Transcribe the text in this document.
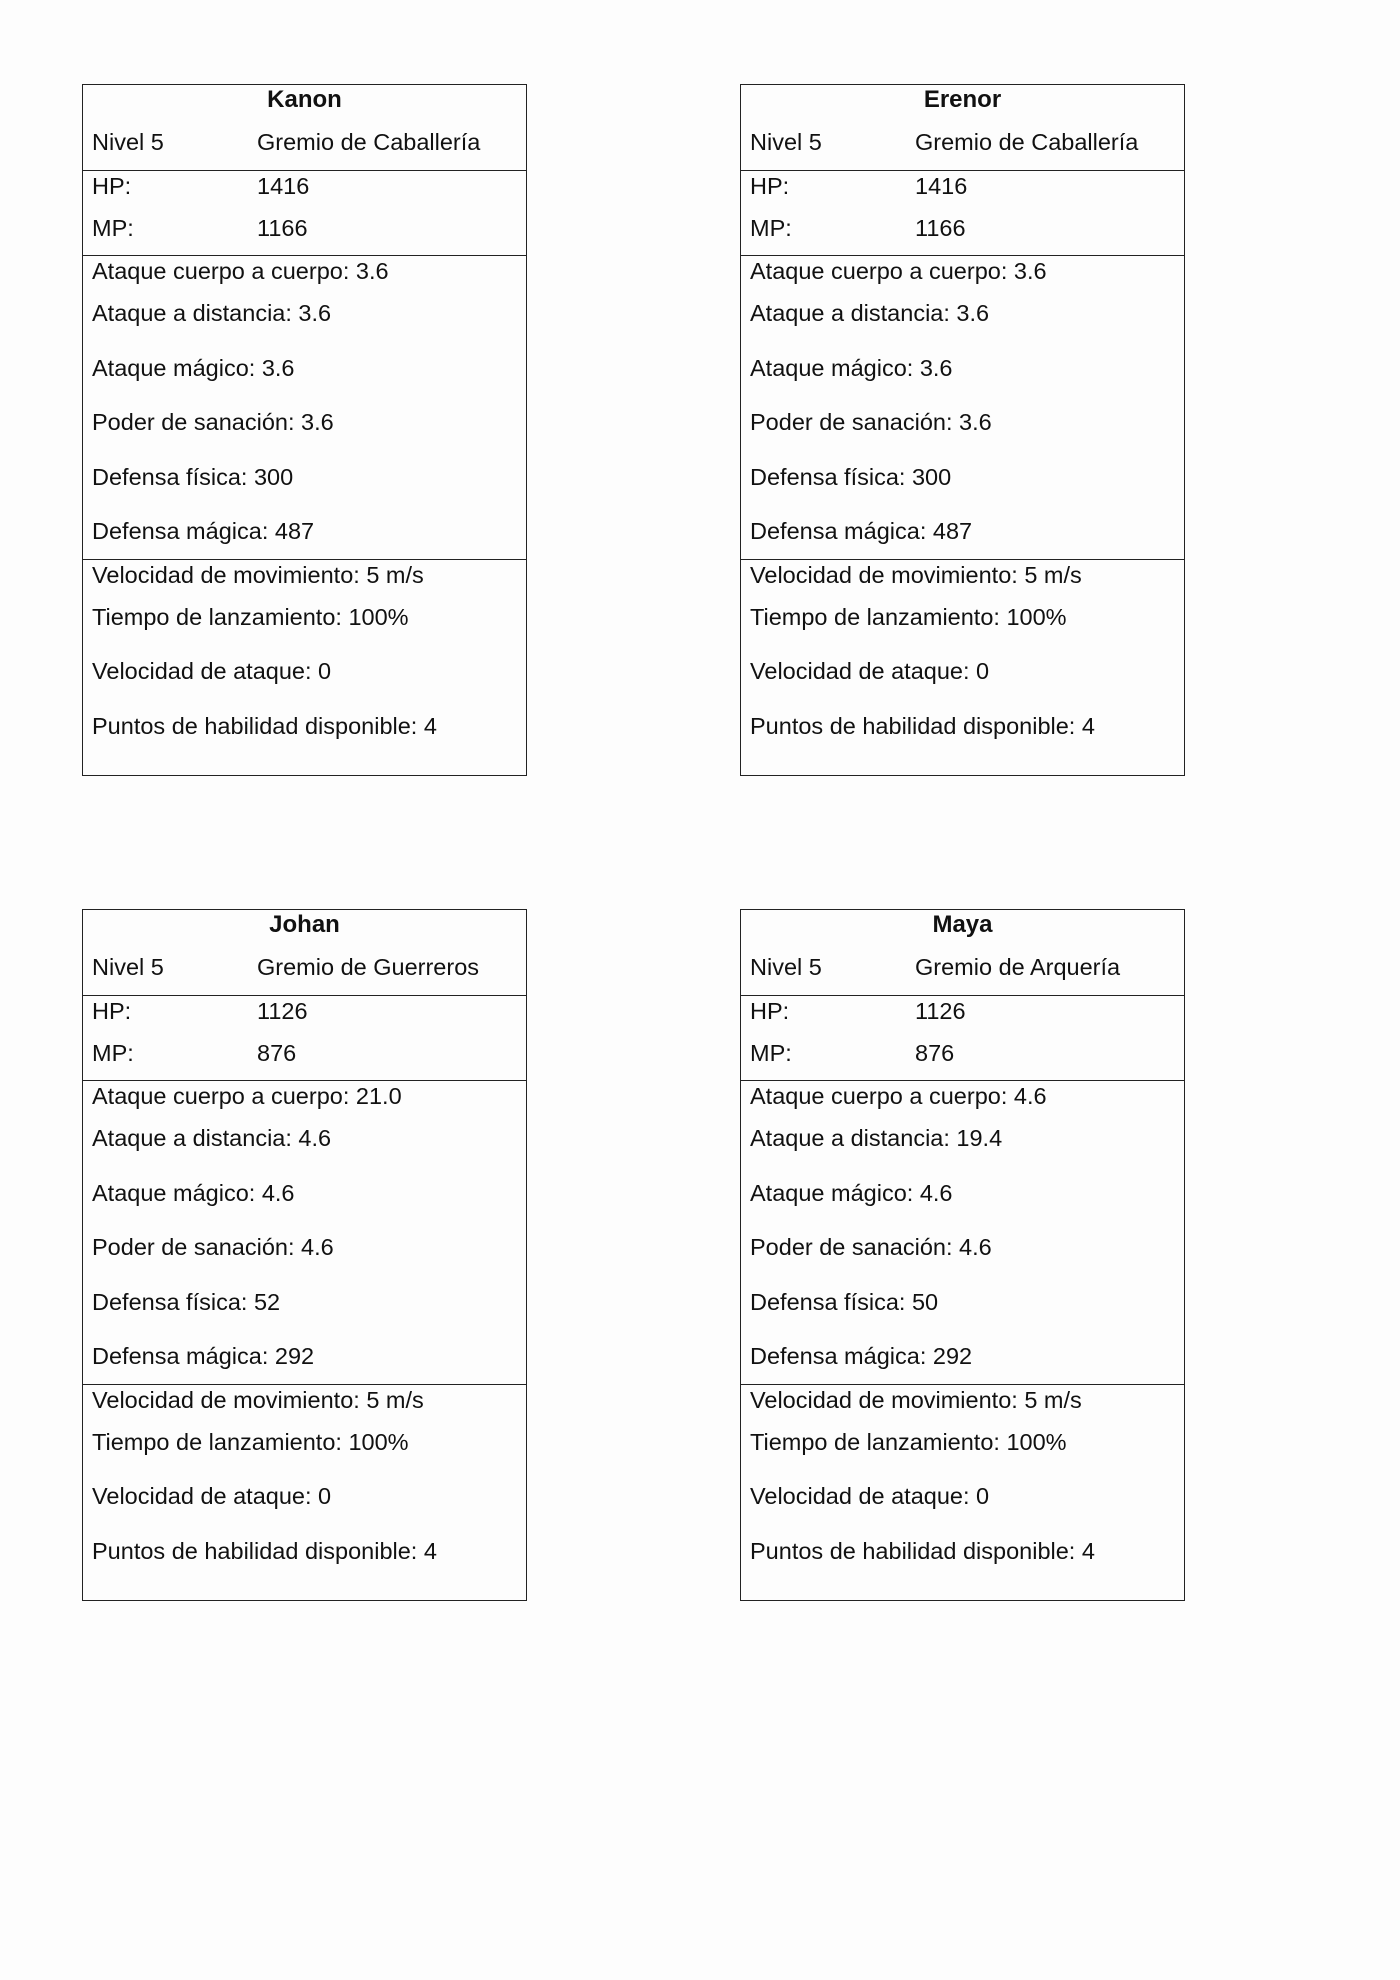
Kanon
Nivel 5	Gremio de Caballería
HP:	1416
MP:	1166
Ataque cuerpo a cuerpo: 3.6
Ataque a distancia: 3.6
Ataque mágico: 3.6
Poder de sanación: 3.6
Defensa física: 300
Defensa mágica: 487
Velocidad de movimiento: 5 m/s
Tiempo de lanzamiento: 100%
Velocidad de ataque: 0
Puntos de habilidad disponible: 4
Erenor
Nivel 5	Gremio de Caballería
HP:	1416
MP:	1166
Ataque cuerpo a cuerpo: 3.6
Ataque a distancia: 3.6
Ataque mágico: 3.6
Poder de sanación: 3.6
Defensa física: 300
Defensa mágica: 487
Velocidad de movimiento: 5 m/s
Tiempo de lanzamiento: 100%
Velocidad de ataque: 0
Puntos de habilidad disponible: 4
Johan
Nivel 5	Gremio de Guerreros
HP:	1126
MP:	876
Ataque cuerpo a cuerpo: 21.0
Ataque a distancia: 4.6
Ataque mágico: 4.6
Poder de sanación: 4.6
Defensa física: 52
Defensa mágica: 292
Velocidad de movimiento: 5 m/s
Tiempo de lanzamiento: 100%
Velocidad de ataque: 0
Puntos de habilidad disponible: 4
Maya
Nivel 5	Gremio de Arquería
HP:	1126
MP:	876
Ataque cuerpo a cuerpo: 4.6
Ataque a distancia: 19.4
Ataque mágico: 4.6
Poder de sanación: 4.6
Defensa física: 50
Defensa mágica: 292
Velocidad de movimiento: 5 m/s
Tiempo de lanzamiento: 100%
Velocidad de ataque: 0
Puntos de habilidad disponible: 4
